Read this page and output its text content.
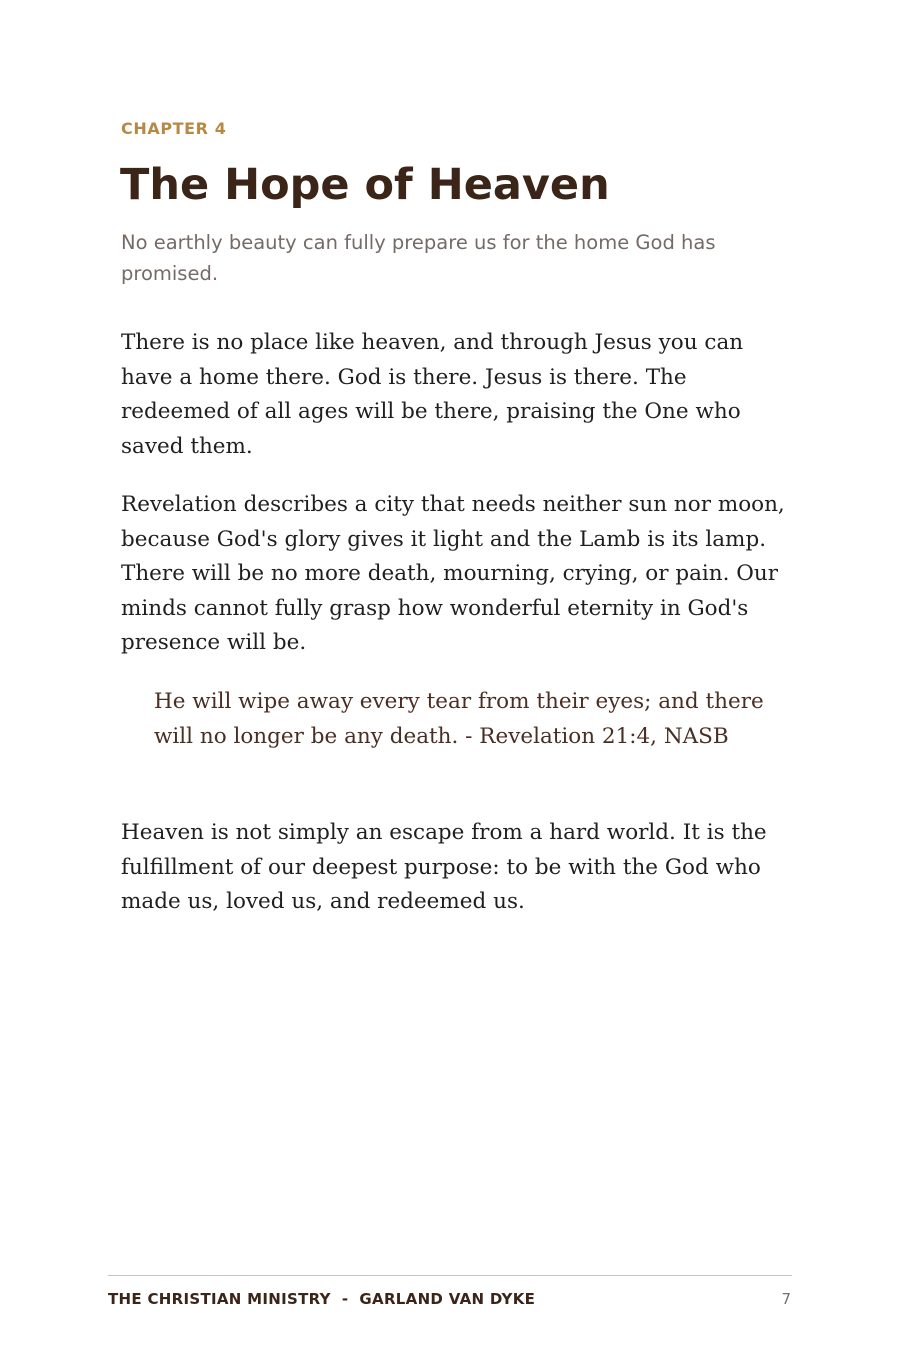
CHAPTER 4
The Hope of Heaven

No earthly beauty can fully prepare us for the home God has promised.

There is no place like heaven, and through Jesus you can have a home there. God is there. Jesus is there. The redeemed of all ages will be there, praising the One who saved them.

Revelation describes a city that needs neither sun nor moon, because God's glory gives it light and the Lamb is its lamp. There will be no more death, mourning, crying, or pain. Our minds cannot fully grasp how wonderful eternity in God's presence will be.

He will wipe away every tear from their eyes; and there will no longer be any death. - Revelation 21:4, NASB

Heaven is not simply an escape from a hard world. It is the fulfillment of our deepest purpose: to be with the God who made us, loved us, and redeemed us.

THE CHRISTIAN MINISTRY  -  GARLAND VAN DYKE	7
